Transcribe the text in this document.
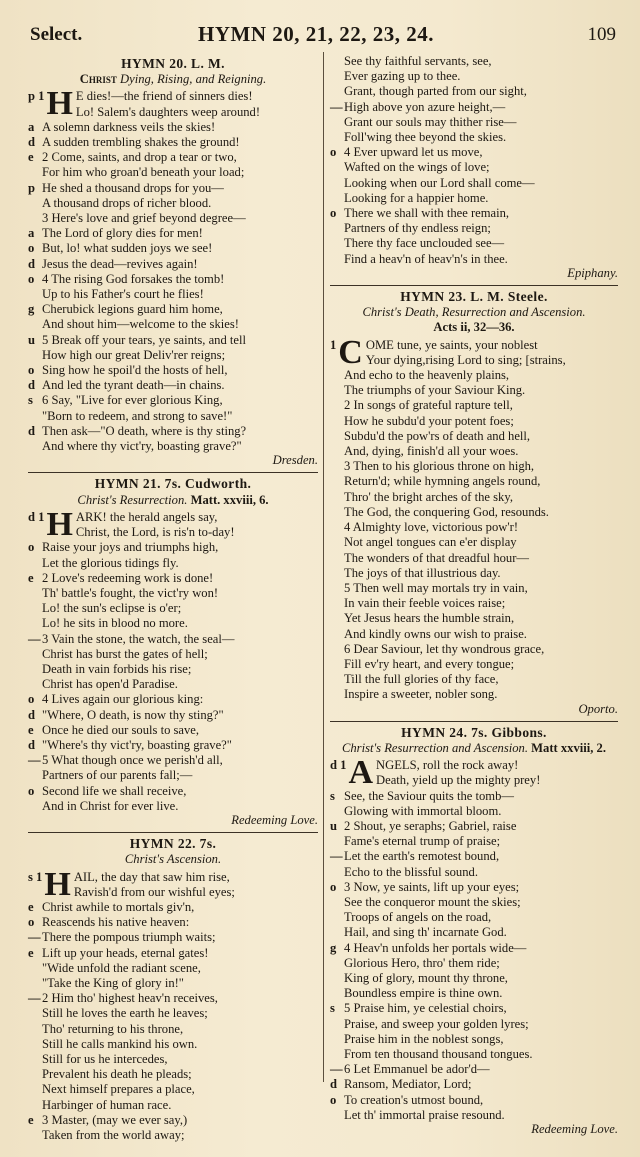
Select.	HYMN 20, 21, 22, 23, 24.	109
HYMN 20. L. M.
Christ Dying, Rising, and Reigning.
p 1 H E dies!—the friend of sinners dies!
Lo! Salem's daughters weep around!
a A solemn darkness veils the skies!
d A sudden trembling shakes the ground!
e 2 Come, saints, and drop a tear or two,
For him who groan'd beneath your load;
p He shed a thousand drops for you—
A thousand drops of richer blood.
3 Here's love and grief beyond degree—
a The Lord of glory dies for men!
o But, lo! what sudden joys we see!
d Jesus the dead—revives again!
o 4 The rising God forsakes the tomb!
Up to his Father's court he flies!
g Cherubick legions guard him home,
And shout him—welcome to the skies!
u 5 Break off your tears, ye saints, and tell
How high our great Deliv'rer reigns;
o Sing how he spoil'd the hosts of hell,
d And led the tyrant death—in chains.
s 6 Say, "Live for ever glorious King,
"Born to redeem, and strong to save!"
d Then ask—"O death, where is thy sting?
And where thy vict'ry, boasting grave?"
Dresden.
HYMN 21. 7s. Cudworth.
Christ's Resurrection. Matt. xxviii, 6.
d 1 H ARK! the herald angels say,
Christ, the Lord, is ris'n to-day!
o Raise your joys and triumphs high,
Let the glorious tidings fly.
e 2 Love's redeeming work is done!
Th' battle's fought, the vict'ry won!
Lo! the sun's eclipse is o'er;
Lo! he sits in blood no more.
— 3 Vain the stone, the watch, the seal—
Christ has burst the gates of hell;
Death in vain forbids his rise;
Christ has open'd Paradise.
o 4 Lives again our glorious king:
d "Where, O death, is now thy sting?"
e Once he died our souls to save,
d "Where's thy vict'ry, boasting grave?"
— 5 What though once we perish'd all,
Partners of our parents fall;—
o Second life we shall receive,
And in Christ for ever live.
Redeeming Love.
HYMN 22. 7s.
Christ's Ascension.
s 1 H AIL, the day that saw him rise,
Ravish'd from our wishful eyes;
e Christ awhile to mortals giv'n,
o Reascends his native heaven:
— There the pompous triumph waits;
e Lift up your heads, eternal gates!
"Wide unfold the radiant scene,
"Take the King of glory in!"
— 2 Him tho' highest heav'n receives,
Still he loves the earth he leaves;
Tho' returning to his throne,
Still he calls mankind his own.
Still for us he intercedes,
Prevalent his death he pleads;
Next himself prepares a place,
Harbinger of human race.
e 3 Master, (may we ever say,)
Taken from the world away;
See thy faithful servants, see,
Ever gazing up to thee.
Grant, though parted from our sight,
— High above yon azure height,—
Grant our souls may thither rise—
Foll'wing thee beyond the skies.
o 4 Ever upward let us move,
Wafted on the wings of love;
Looking when our Lord shall come—
Looking for a happier home.
o There we shall with thee remain,
Partners of thy endless reign;
There thy face unclouded see—
Find a heav'n of heav'n's in thee.
Epiphany.
HYMN 23. L. M. Steele.
Christ's Death, Resurrection and Ascension.
Acts ii, 32—36.
1 C OME tune, ye saints, your noblest
Your dying,rising Lord to sing; [strains,
And echo to the heavenly plains,
The triumphs of your Saviour King.
2 In songs of grateful rapture tell,
How he subdu'd your potent foes;
Subdu'd the pow'rs of death and hell,
And, dying, finish'd all your woes.
3 Then to his glorious throne on high,
Return'd; while hymning angels round,
Thro' the bright arches of the sky,
The God, the conquering God, resounds.
4 Almighty love, victorious pow'r!
Not angel tongues can e'er display
The wonders of that dreadful hour—
The joys of that illustrious day.
5 Then well may mortals try in vain,
In vain their feeble voices raise;
Yet Jesus hears the humble strain,
And kindly owns our wish to praise.
6 Dear Saviour, let thy wondrous grace,
Fill ev'ry heart, and every tongue;
Till the full glories of thy face,
Inspire a sweeter, nobler song.
Oporto.
HYMN 24. 7s. Gibbons.
Christ's Resurrection and Ascension. Matt xxviii, 2.
d 1 A NGELS, roll the rock away!
Death, yield up the mighty prey!
s See, the Saviour quits the tomb—
Glowing with immortal bloom.
u 2 Shout, ye seraphs; Gabriel, raise
Fame's eternal trump of praise;
— Let the earth's remotest bound,
Echo to the blissful sound.
o 3 Now, ye saints, lift up your eyes;
See the conqueror mount the skies;
Troops of angels on the road,
Hail, and sing th' incarnate God.
g 4 Heav'n unfolds her portals wide—
Glorious Hero, thro' them ride;
King of glory, mount thy throne,
Boundless empire is thine own.
s 5 Praise him, ye celestial choirs,
Praise, and sweep your golden lyres;
Praise him in the noblest songs,
From ten thousand thousand tongues.
— 6 Let Emmanuel be ador'd—
d Ransom, Mediator, Lord;
o To creation's utmost bound,
Let th' immortal praise resound.
Redeeming Love.
